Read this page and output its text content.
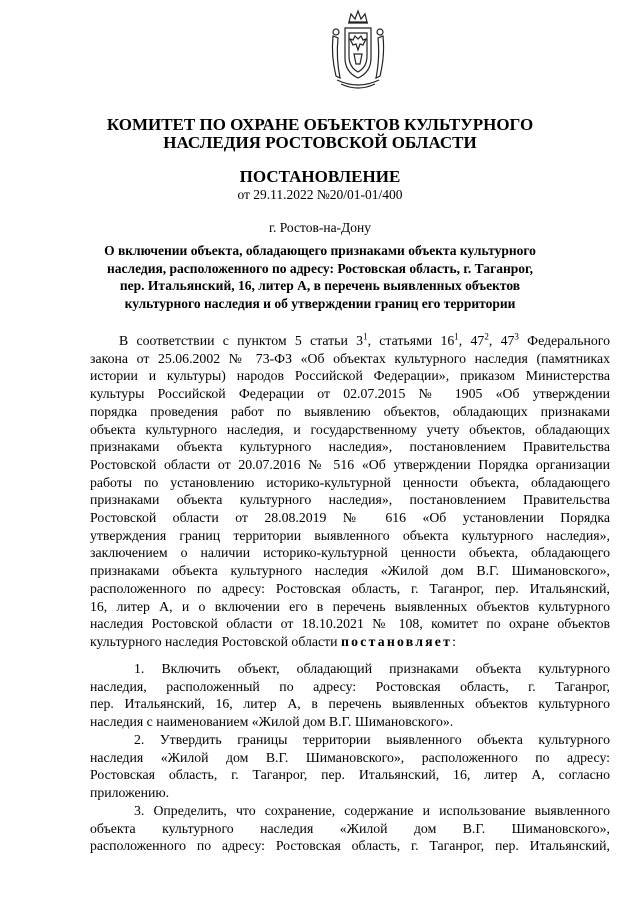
КОМИТЕТ ПО ОХРАНЕ ОБЪЕКТОВ КУЛЬТУРНОГО
НАСЛЕДИЯ РОСТОВСКОЙ ОБЛАСТИ
ПОСТАНОВЛЕНИЕ
от 29.11.2022 №20/01-01/400
г. Ростов-на-Дону
О включении объекта, обладающего признаками объекта культурного
наследия, расположенного по адресу: Ростовская область, г. Таганрог,
пер. Итальянский, 16, литер А, в перечень выявленных объектов
культурного наследия и об утверждении границ его территории
В соответствии с пунктом 5 статьи $3^1$, статьями $16^1$, $47^2$, $47^3$ Федерального
закона от 25.06.2002 № 73-ФЗ «Об объектах культурного наследия (памятниках
истории и культуры) народов Российской Федерации», приказом Министерства
культуры Российской Федерации от 02.07.2015 № 1905 «Об утверждении
порядка проведения работ по выявлению объектов, обладающих признаками
объекта культурного наследия, и государственному учету объектов, обладающих
признаками объекта культурного наследия», постановлением Правительства
Ростовской области от 20.07.2016 № 516 «Об утверждении Порядка организации
работы по установлению историко-культурной ценности объекта, обладающего
признаками объекта культурного наследия», постановлением Правительства
Ростовской области от 28.08.2019 № 616 «Об установлении Порядка
утверждения границ территории выявленного объекта культурного наследия»,
заключением о наличии историко-культурной ценности объекта, обладающего
признаками объекта культурного наследия «Жилой дом В.Г. Шимановского»,
расположенного по адресу: Ростовская область, г. Таганрог, пер. Итальянский,
16, литер А, и о включении его в перечень выявленных объектов культурного
наследия Ростовской области от 18.10.2021 № 108, комитет по охране объектов
культурного наследия Ростовской области постановляет:
1. Включить объект, обладающий признаками объекта культурного
наследия, расположенный по адресу: Ростовская область, г. Таганрог,
пер. Итальянский, 16, литер А, в перечень выявленных объектов культурного
наследия с наименованием «Жилой дом В.Г. Шимановского».
2. Утвердить границы территории выявленного объекта культурного
наследия «Жилой дом В.Г. Шимановского», расположенного по адресу:
Ростовская область, г. Таганрог, пер. Итальянский, 16, литер А, согласно
приложению.
3. Определить, что сохранение, содержание и использование выявленного
объекта культурного наследия «Жилой дом В.Г. Шимановского»,
расположенного по адресу: Ростовская область, г. Таганрог, пер. Итальянский,
